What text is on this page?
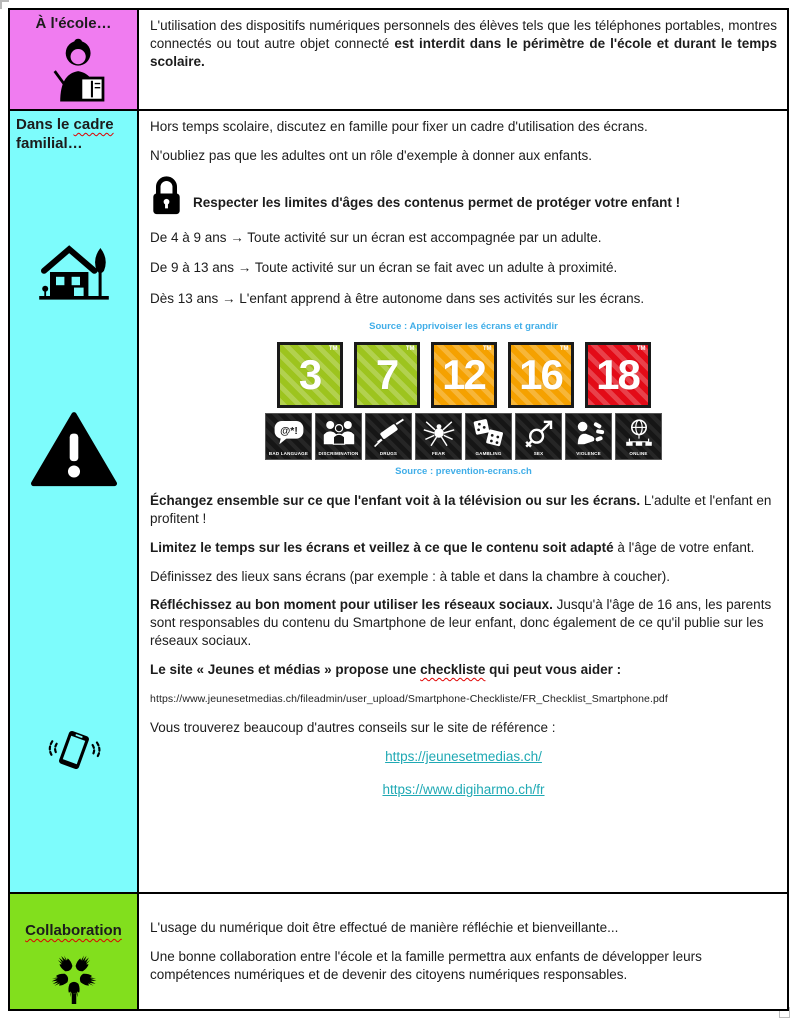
À l'école…	L'utilisation des dispositifs numériques personnels des élèves tels que les téléphones portables, montres connectés ou tout autre objet connecté est interdit dans le périmètre de l'école et durant le temps scolaire.

Dans le cadre
familial…

Hors temps scolaire, discutez en famille pour fixer un cadre d'utilisation des écrans.

N'oubliez pas que les adultes ont un rôle d'exemple à donner aux enfants.

Respecter les limites d'âges des contenus permet de protéger votre enfant !

De 4 à 9 ans → Toute activité sur un écran est accompagnée par un adulte.

De 9 à 13 ans → Toute activité sur un écran se fait avec un adulte à proximité.

Dès 13 ans → L'enfant apprend à être autonome dans ses activités sur les écrans.

Source : Apprivoiser les écrans et grandir
TM
3
TM
7
TM
12
TM
16
TM
18
@*!
BAD LANGUAGE DISCRIMINATION	DRUGS	FEAR	GAMBLING	SEX	VIOLENCE	ONLINE
Source : prevention-ecrans.ch

Échangez ensemble sur ce que l'enfant voit à la télévision ou sur les écrans. L'adulte et l'enfant en profitent !

Limitez le temps sur les écrans et veillez à ce que le contenu soit adapté à l'âge de votre enfant.

Définissez des lieux sans écrans (par exemple : à table et dans la chambre à coucher).

Réfléchissez au bon moment pour utiliser les réseaux sociaux. Jusqu'à l'âge de 16 ans, les parents sont responsables du contenu du Smartphone de leur enfant, donc également de ce qu'il publie sur les réseaux sociaux.

Le site « Jeunes et médias » propose une checkliste qui peut vous aider :

https://www.jeunesetmedias.ch/fileadmin/user_upload/Smartphone-Checkliste/FR_Checklist_Smartphone.pdf

Vous trouverez beaucoup d'autres conseils sur le site de référence :

https://jeunesetmedias.ch/
https://www.digiharmo.ch/fr
Collaboration L'usage du numérique doit être effectué de manière réfléchie et bienveillante...

Une bonne collaboration entre l'école et la famille permettra aux enfants de développer leurs compétences numériques et de devenir des citoyens numériques responsables.
